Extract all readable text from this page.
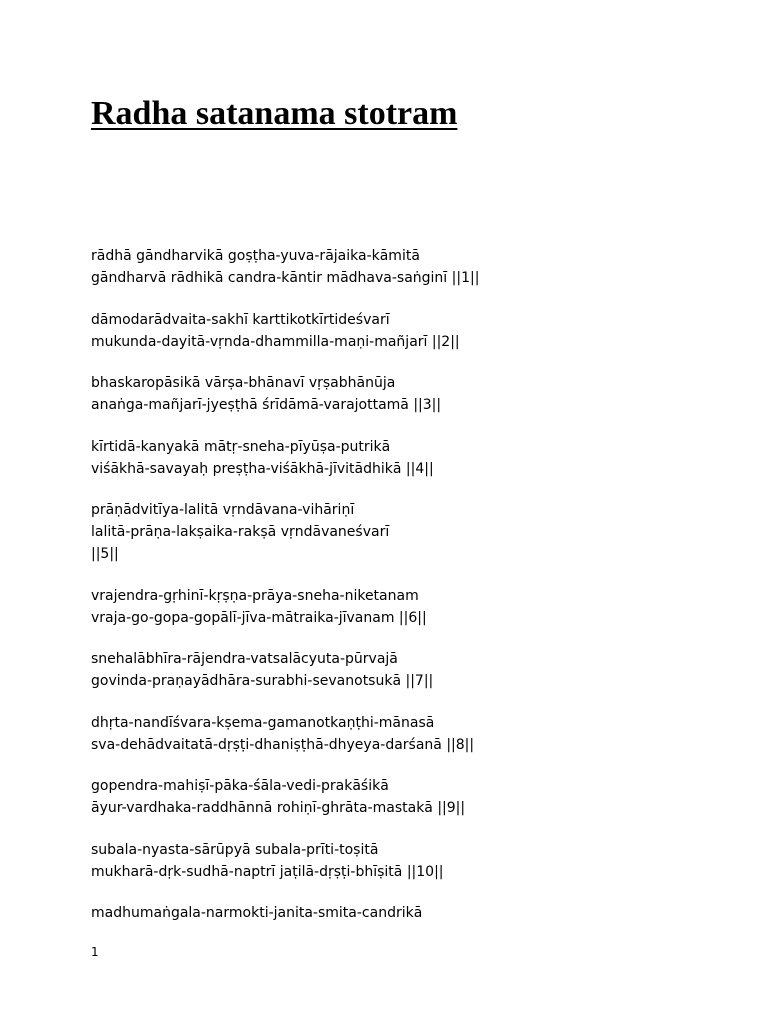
Radha satanama stotram

rādhā gāndharvikā goṣṭha-yuva-rājaika-kāmitā
gāndharvā rādhikā candra-kāntir mādhava-saṅginī ||1||

dāmodarādvaita-sakhī karttikotkīrtideśvarī
mukunda-dayitā-vṛnda-dhammilla-maṇi-mañjarī ||2||

bhaskaropāsikā vārṣa-bhānavī vṛṣabhānūja
anaṅga-mañjarī-jyeṣṭhā śrīdāmā-varajottamā ||3||

kīrtidā-kanyakā mātṛ-sneha-pīyūṣa-putrikā
viśākhā-savayaḥ preṣṭha-viśākhā-jīvitādhikā ||4||

prāṇādvitīya-lalitā vṛndāvana-vihāriṇī
lalitā-prāṇa-lakṣaika-rakṣā vṛndāvaneśvarī
||5||

vrajendra-gṛhinī-kṛṣṇa-prāya-sneha-niketanam
vraja-go-gopa-gopālī-jīva-mātraika-jīvanam ||6||

snehalābhīra-rājendra-vatsalācyuta-pūrvajā
govinda-praṇayādhāra-surabhi-sevanotsukā ||7||

dhṛta-nandīśvara-kṣema-gamanotkaṇṭhi-mānasā
sva-dehādvaitatā-dṛṣṭi-dhaniṣṭhā-dhyeya-darśanā ||8||

gopendra-mahiṣī-pāka-śāla-vedi-prakāśikā
āyur-vardhaka-raddhānnā rohiṇī-ghrāta-mastakā ||9||

subala-nyasta-sārūpyā subala-prīti-toṣitā
mukharā-dṛk-sudhā-naptrī jaṭilā-dṛṣṭi-bhīṣitā ||10||

madhumaṅgala-narmokti-janita-smita-candrikā

1
